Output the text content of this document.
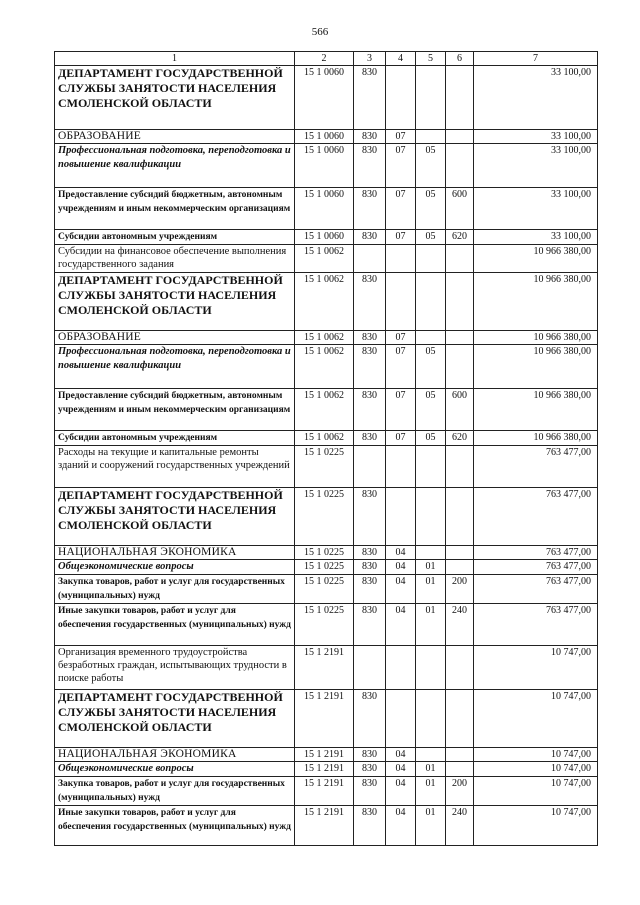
566
1	2	3	4	5	6	7
ДЕПАРТАМЕНТ ГОСУДАРСТВЕННОЙ СЛУЖБЫ ЗАНЯТОСТИ НАСЕЛЕНИЯ СМОЛЕНСКОЙ ОБЛАСТИ	15 1 0060	830				33 100,00
ОБРАЗОВАНИЕ	15 1 0060	830	07			33 100,00
Профессиональная подготовка, переподготовка и повышение квалификации	15 1 0060	830	07	05		33 100,00
Предоставление субсидий бюджетным, автономным учреждениям и иным некоммерческим организациям	15 1 0060	830	07	05	600	33 100,00
Субсидии автономным учреждениям	15 1 0060	830	07	05	620	33 100,00
Субсидии на финансовое обеспечение выполнения государственного задания	15 1 0062					10 966 380,00
ДЕПАРТАМЕНТ ГОСУДАРСТВЕННОЙ СЛУЖБЫ ЗАНЯТОСТИ НАСЕЛЕНИЯ СМОЛЕНСКОЙ ОБЛАСТИ	15 1 0062	830				10 966 380,00
ОБРАЗОВАНИЕ	15 1 0062	830	07			10 966 380,00
Профессиональная подготовка, переподготовка и повышение квалификации	15 1 0062	830	07	05		10 966 380,00
Предоставление субсидий бюджетным, автономным учреждениям и иным некоммерческим организациям	15 1 0062	830	07	05	600	10 966 380,00
Субсидии автономным учреждениям	15 1 0062	830	07	05	620	10 966 380,00
Расходы на текущие и капитальные ремонты зданий и сооружений государственных учреждений	15 1 0225					763 477,00
ДЕПАРТАМЕНТ ГОСУДАРСТВЕННОЙ СЛУЖБЫ ЗАНЯТОСТИ НАСЕЛЕНИЯ СМОЛЕНСКОЙ ОБЛАСТИ	15 1 0225	830				763 477,00
НАЦИОНАЛЬНАЯ ЭКОНОМИКА	15 1 0225	830	04			763 477,00
Общеэкономические вопросы	15 1 0225	830	04	01		763 477,00
Закупка товаров, работ и услуг для государственных (муниципальных) нужд	15 1 0225	830	04	01	200	763 477,00
Иные закупки товаров, работ и услуг для обеспечения государственных (муниципальных) нужд	15 1 0225	830	04	01	240	763 477,00
Организация временного трудоустройства безработных граждан, испытывающих трудности в поиске работы	15 1 2191					10 747,00
ДЕПАРТАМЕНТ ГОСУДАРСТВЕННОЙ СЛУЖБЫ ЗАНЯТОСТИ НАСЕЛЕНИЯ СМОЛЕНСКОЙ ОБЛАСТИ	15 1 2191	830				10 747,00
НАЦИОНАЛЬНАЯ ЭКОНОМИКА	15 1 2191	830	04			10 747,00
Общеэкономические вопросы	15 1 2191	830	04	01		10 747,00
Закупка товаров, работ и услуг для государственных (муниципальных) нужд	15 1 2191	830	04	01	200	10 747,00
Иные закупки товаров, работ и услуг для обеспечения государственных (муниципальных) нужд	15 1 2191	830	04	01	240	10 747,00
